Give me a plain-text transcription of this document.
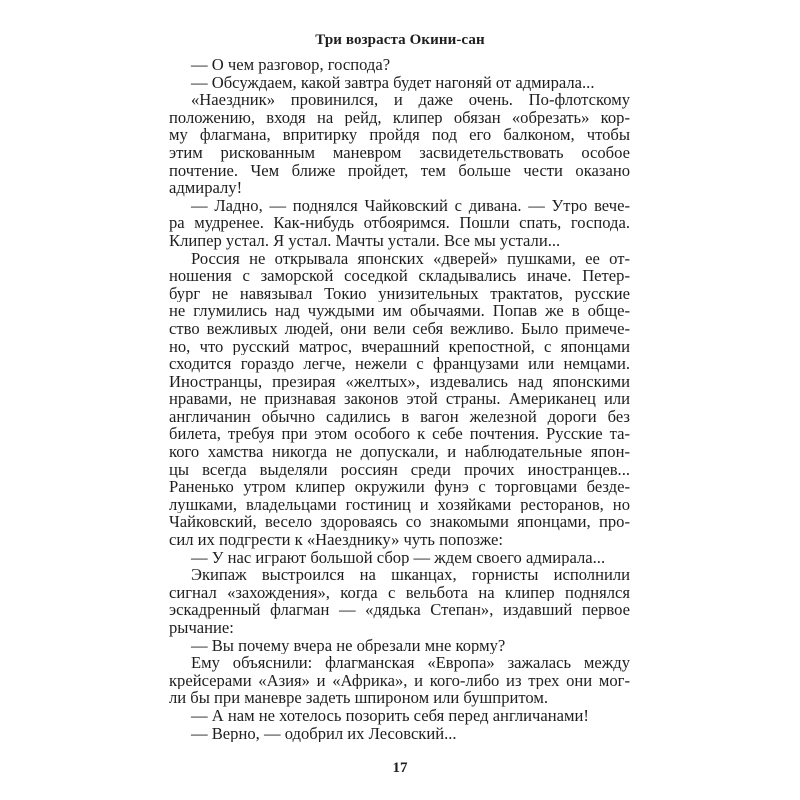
Три возраста Окини-сан
— О чем разговор, господа?
— Обсуждаем, какой завтра будет нагоняй от адмирала...
«Наездник» провинился, и даже очень. По-флотскому
положению, входя на рейд, клипер обязан «обрезать» кор-
му флагмана, впритирку пройдя под его балконом, чтобы
этим рискованным маневром засвидетельствовать особое
почтение. Чем ближе пройдет, тем больше чести оказано
адмиралу!
— Ладно, — поднялся Чайковский с дивана. — Утро вече-
ра мудренее. Как-нибудь отбояримся. Пошли спать, господа.
Клипер устал. Я устал. Мачты устали. Все мы устали...
Россия не открывала японских «дверей» пушками, ее от-
ношения с заморской соседкой складывались иначе. Петер-
бург не навязывал Токио унизительных трактатов, русские
не глумились над чуждыми им обычаями. Попав же в обще-
ство вежливых людей, они вели себя вежливо. Было примече-
но, что русский матрос, вчерашний крепостной, с японцами
сходится гораздо легче, нежели с французами или немцами.
Иностранцы, презирая «желтых», издевались над японскими
нравами, не признавая законов этой страны. Американец или
англичанин обычно садились в вагон железной дороги без
билета, требуя при этом особого к себе почтения. Русские та-
кого хамства никогда не допускали, и наблюдательные япон-
цы всегда выделяли россиян среди прочих иностранцев...
Раненько утром клипер окружили фунэ с торговцами безде-
лушками, владельцами гостиниц и хозяйками ресторанов, но
Чайковский, весело здороваясь со знакомыми японцами, про-
сил их подгрести к «Наезднику» чуть попозже:
— У нас играют большой сбор — ждем своего адмирала...
Экипаж выстроился на шканцах, горнисты исполнили
сигнал «захождения», когда с вельбота на клипер поднялся
эскадренный флагман — «дядька Степан», издавший первое
рычание:
— Вы почему вчера не обрезали мне корму?
Ему объяснили: флагманская «Европа» зажалась между
крейсерами «Азия» и «Африка», и кого-либо из трех они мог-
ли бы при маневре задеть шпироном или бушпритом.
— А нам не хотелось позорить себя перед англичанами!
— Верно, — одобрил их Лесовский...
17
